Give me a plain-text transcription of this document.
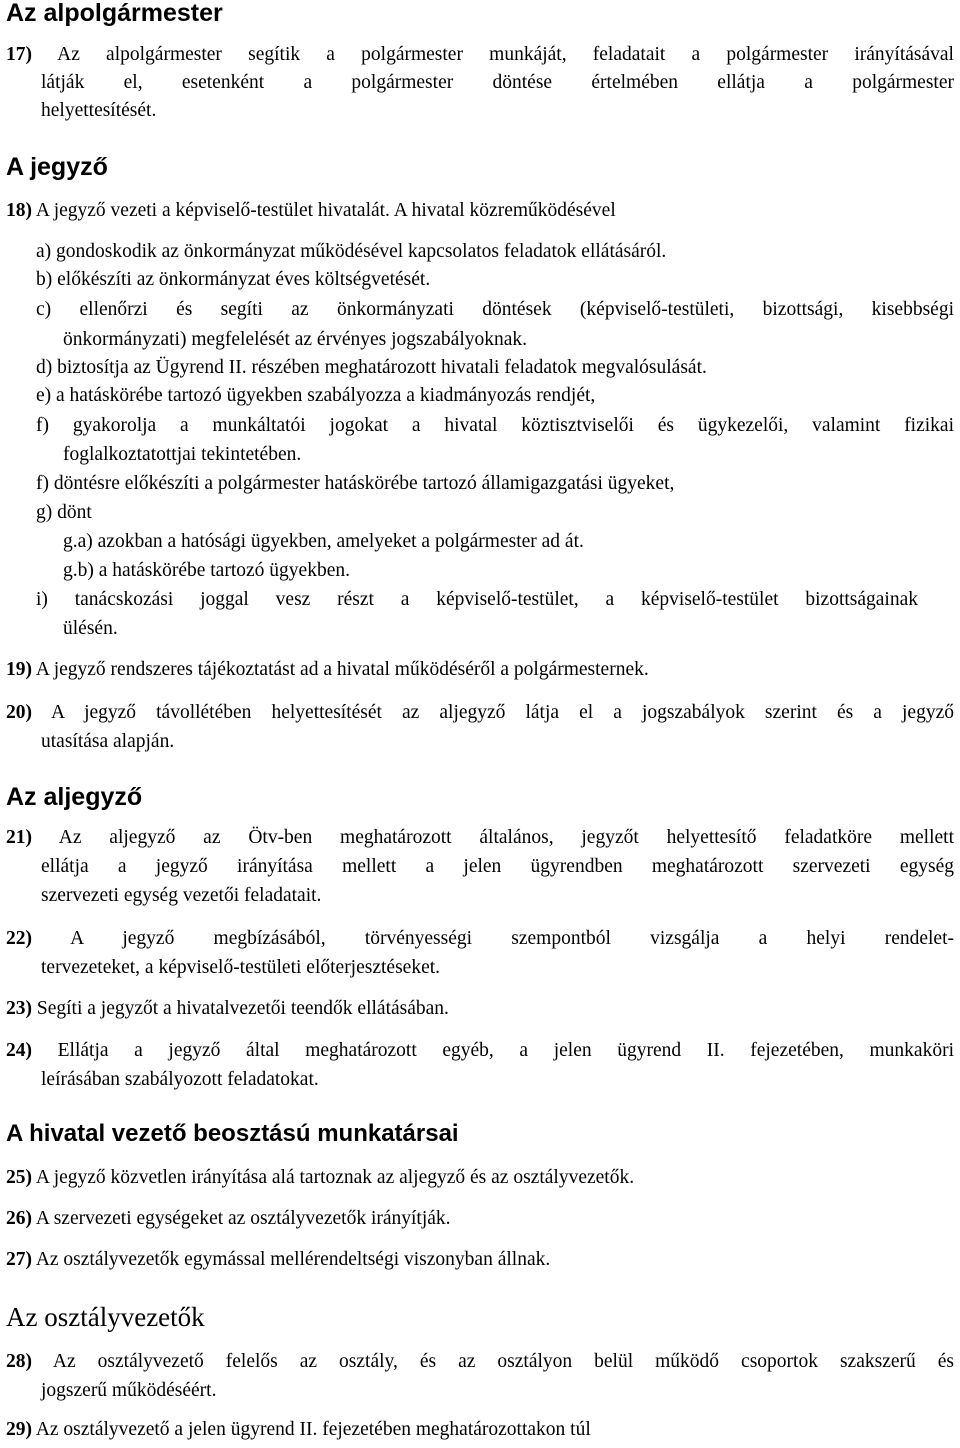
Az alpolgármester
17) Az alpolgármester segítik a polgármester munkáját, feladatait a polgármester irányításával
látják el, esetenként a polgármester döntése értelmében ellátja a polgármester
helyettesítését.
A jegyző
18) A jegyző vezeti a képviselő-testület hivatalát. A hivatal közreműködésével
a) gondoskodik az önkormányzat működésével kapcsolatos feladatok ellátásáról.
b) előkészíti az önkormányzat éves költségvetését.
c) ellenőrzi és segíti az önkormányzati döntések (képviselő-testületi, bizottsági, kisebbségi
önkormányzati) megfelelését az érvényes jogszabályoknak.
d) biztosítja az Ügyrend II. részében meghatározott hivatali feladatok megvalósulását.
e) a hatáskörébe tartozó ügyekben szabályozza a kiadmányozás rendjét,
f) gyakorolja a munkáltatói jogokat a hivatal köztisztviselői és ügykezelői, valamint fizikai
foglalkoztatottjai tekintetében.
f) döntésre előkészíti a polgármester hatáskörébe tartozó államigazgatási ügyeket,
g) dönt
g.a) azokban a hatósági ügyekben, amelyeket a polgármester ad át.
g.b) a hatáskörébe tartozó ügyekben.
i) tanácskozási joggal vesz részt a képviselő-testület, a képviselő-testület bizottságainak
ülésén.
19) A jegyző rendszeres tájékoztatást ad a hivatal működéséről a polgármesternek.
20) A jegyző távollétében helyettesítését az aljegyző látja el a jogszabályok szerint és a jegyző
utasítása alapján.
Az aljegyző
21) Az aljegyző az Ötv-ben meghatározott általános, jegyzőt helyettesítő feladatköre mellett
ellátja a jegyző irányítása mellett a jelen ügyrendben meghatározott szervezeti egység
szervezeti egység vezetői feladatait.
22) A jegyző megbízásából, törvényességi szempontból vizsgálja a helyi rendelet-
tervezeteket, a képviselő-testületi előterjesztéseket.
23) Segíti a jegyzőt a hivatalvezetői teendők ellátásában.
24) Ellátja a jegyző által meghatározott egyéb, a jelen ügyrend II. fejezetében, munkaköri
leírásában szabályozott feladatokat.
A hivatal vezető beosztású munkatársai
25) A jegyző közvetlen irányítása alá tartoznak az aljegyző és az osztályvezetők.
26) A szervezeti egységeket az osztályvezetők irányítják.
27) Az osztályvezetők egymással mellérendeltségi viszonyban állnak.
Az osztályvezetők
28) Az osztályvezető felelős az osztály, és az osztályon belül működő csoportok szakszerű és
jogszerű működéséért.
29) Az osztályvezető a jelen ügyrend II. fejezetében meghatározottakon túl
